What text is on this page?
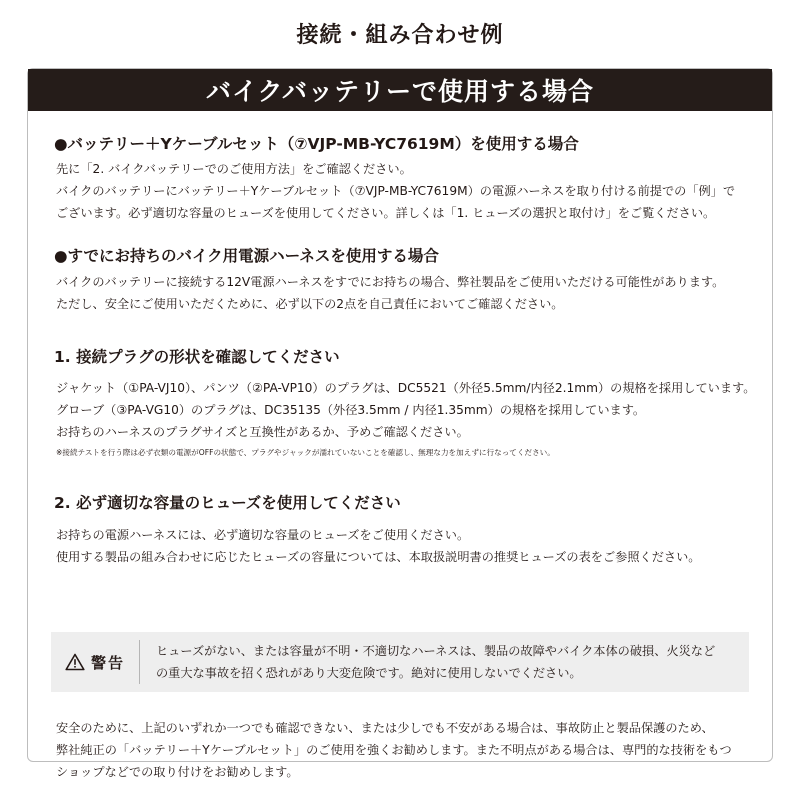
接続・組み合わせ例
バイクバッテリーで使用する場合
●バッテリー＋Yケーブルセット（⑦VJP-MB-YC7619M）を使用する場合
先に「2. バイクバッテリーでのご使用方法」をご確認ください。
バイクのバッテリーにバッテリー＋Yケーブルセット（⑦VJP-MB-YC7619M）の電源ハーネスを取り付ける前提での「例」で
ございます。必ず適切な容量のヒューズを使用してください。詳しくは「1. ヒューズの選択と取付け」をご覧ください。
●すでにお持ちのバイク用電源ハーネスを使用する場合
バイクのバッテリーに接続する12V電源ハーネスをすでにお持ちの場合、弊社製品をご使用いただける可能性があります。
ただし、安全にご使用いただくために、必ず以下の2点を自己責任においてご確認ください。
1. 接続プラグの形状を確認してください
ジャケット（①PA-VJ10）、パンツ（②PA-VP10）のプラグは、DC5521（外径5.5mm/内径2.1mm）の規格を採用しています。
グローブ（③PA-VG10）のプラグは、DC35135（外径3.5mm / 内径1.35mm）の規格を採用しています。
お持ちのハーネスのプラグサイズと互換性があるか、予めご確認ください。
※接続テストを行う際は必ず衣類の電源がOFFの状態で、プラグやジャックが濡れていないことを確認し、無理な力を加えずに行なってください。
2. 必ず適切な容量のヒューズを使用してください
お持ちの電源ハーネスには、必ず適切な容量のヒューズをご使用ください。
使用する製品の組み合わせに応じたヒューズの容量については、本取扱説明書の推奨ヒューズの表をご参照ください。
警告
ヒューズがない、または容量が不明・不適切なハーネスは、製品の故障やバイク本体の破損、火災など
の重大な事故を招く恐れがあり大変危険です。絶対に使用しないでください。
安全のために、上記のいずれか一つでも確認できない、または少しでも不安がある場合は、事故防止と製品保護のため、
弊社純正の「バッテリー＋Yケーブルセット」のご使用を強くお勧めします。また不明点がある場合は、専門的な技術をもつ
ショップなどでの取り付けをお勧めします。
